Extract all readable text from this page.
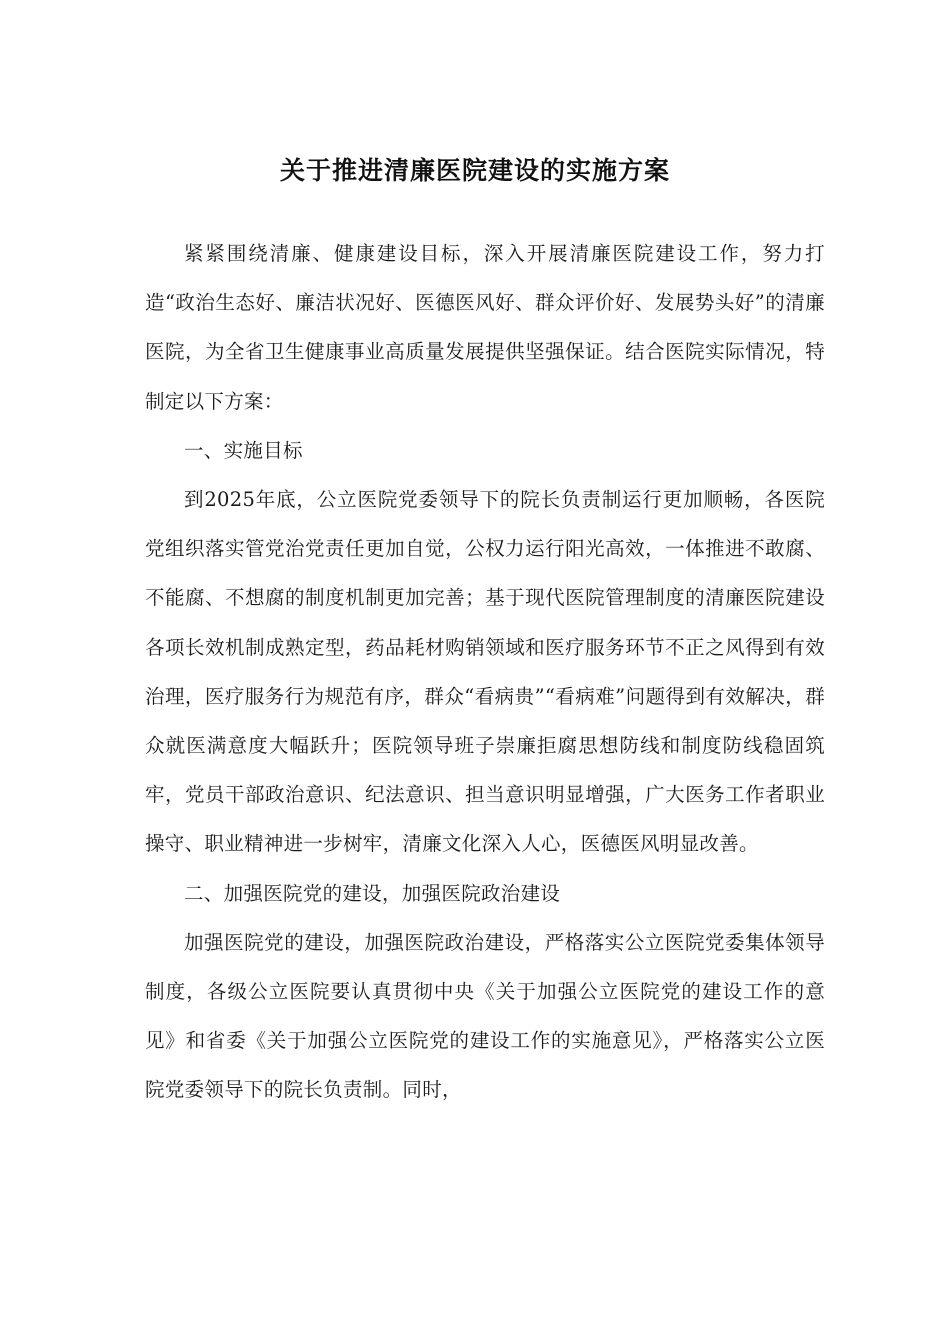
关于推进清廉医院建设的实施方案

紧紧围绕清廉、健康建设目标，深入开展清廉医院建设工作，努力打造“政治生态好、廉洁状况好、医德医风好、群众评价好、发展势头好”的清廉医院，为全省卫生健康事业高质量发展提供坚强保证。结合医院实际情况，特制定以下方案：

一、实施目标

到2025年底，公立医院党委领导下的院长负责制运行更加顺畅，各医院党组织落实管党治党责任更加自觉，公权力运行阳光高效，一体推进不敢腐、不能腐、不想腐的制度机制更加完善；基于现代医院管理制度的清廉医院建设各项长效机制成熟定型，药品耗材购销领域和医疗服务环节不正之风得到有效治理，医疗服务行为规范有序，群众“看病贵”“看病难”问题得到有效解决，群众就医满意度大幅跃升；医院领导班子崇廉拒腐思想防线和制度防线稳固筑牢，党员干部政治意识、纪法意识、担当意识明显增强，广大医务工作者职业操守、职业精神进一步树牢，清廉文化深入人心，医德医风明显改善。

二、加强医院党的建设，加强医院政治建设

加强医院党的建设，加强医院政治建设，严格落实公立医院党委集体领导制度，各级公立医院要认真贯彻中央《关于加强公立医院党的建设工作的意见》和省委《关于加强公立医院党的建设工作的实施意见》，严格落实公立医院党委领导下的院长负责制。同时，
